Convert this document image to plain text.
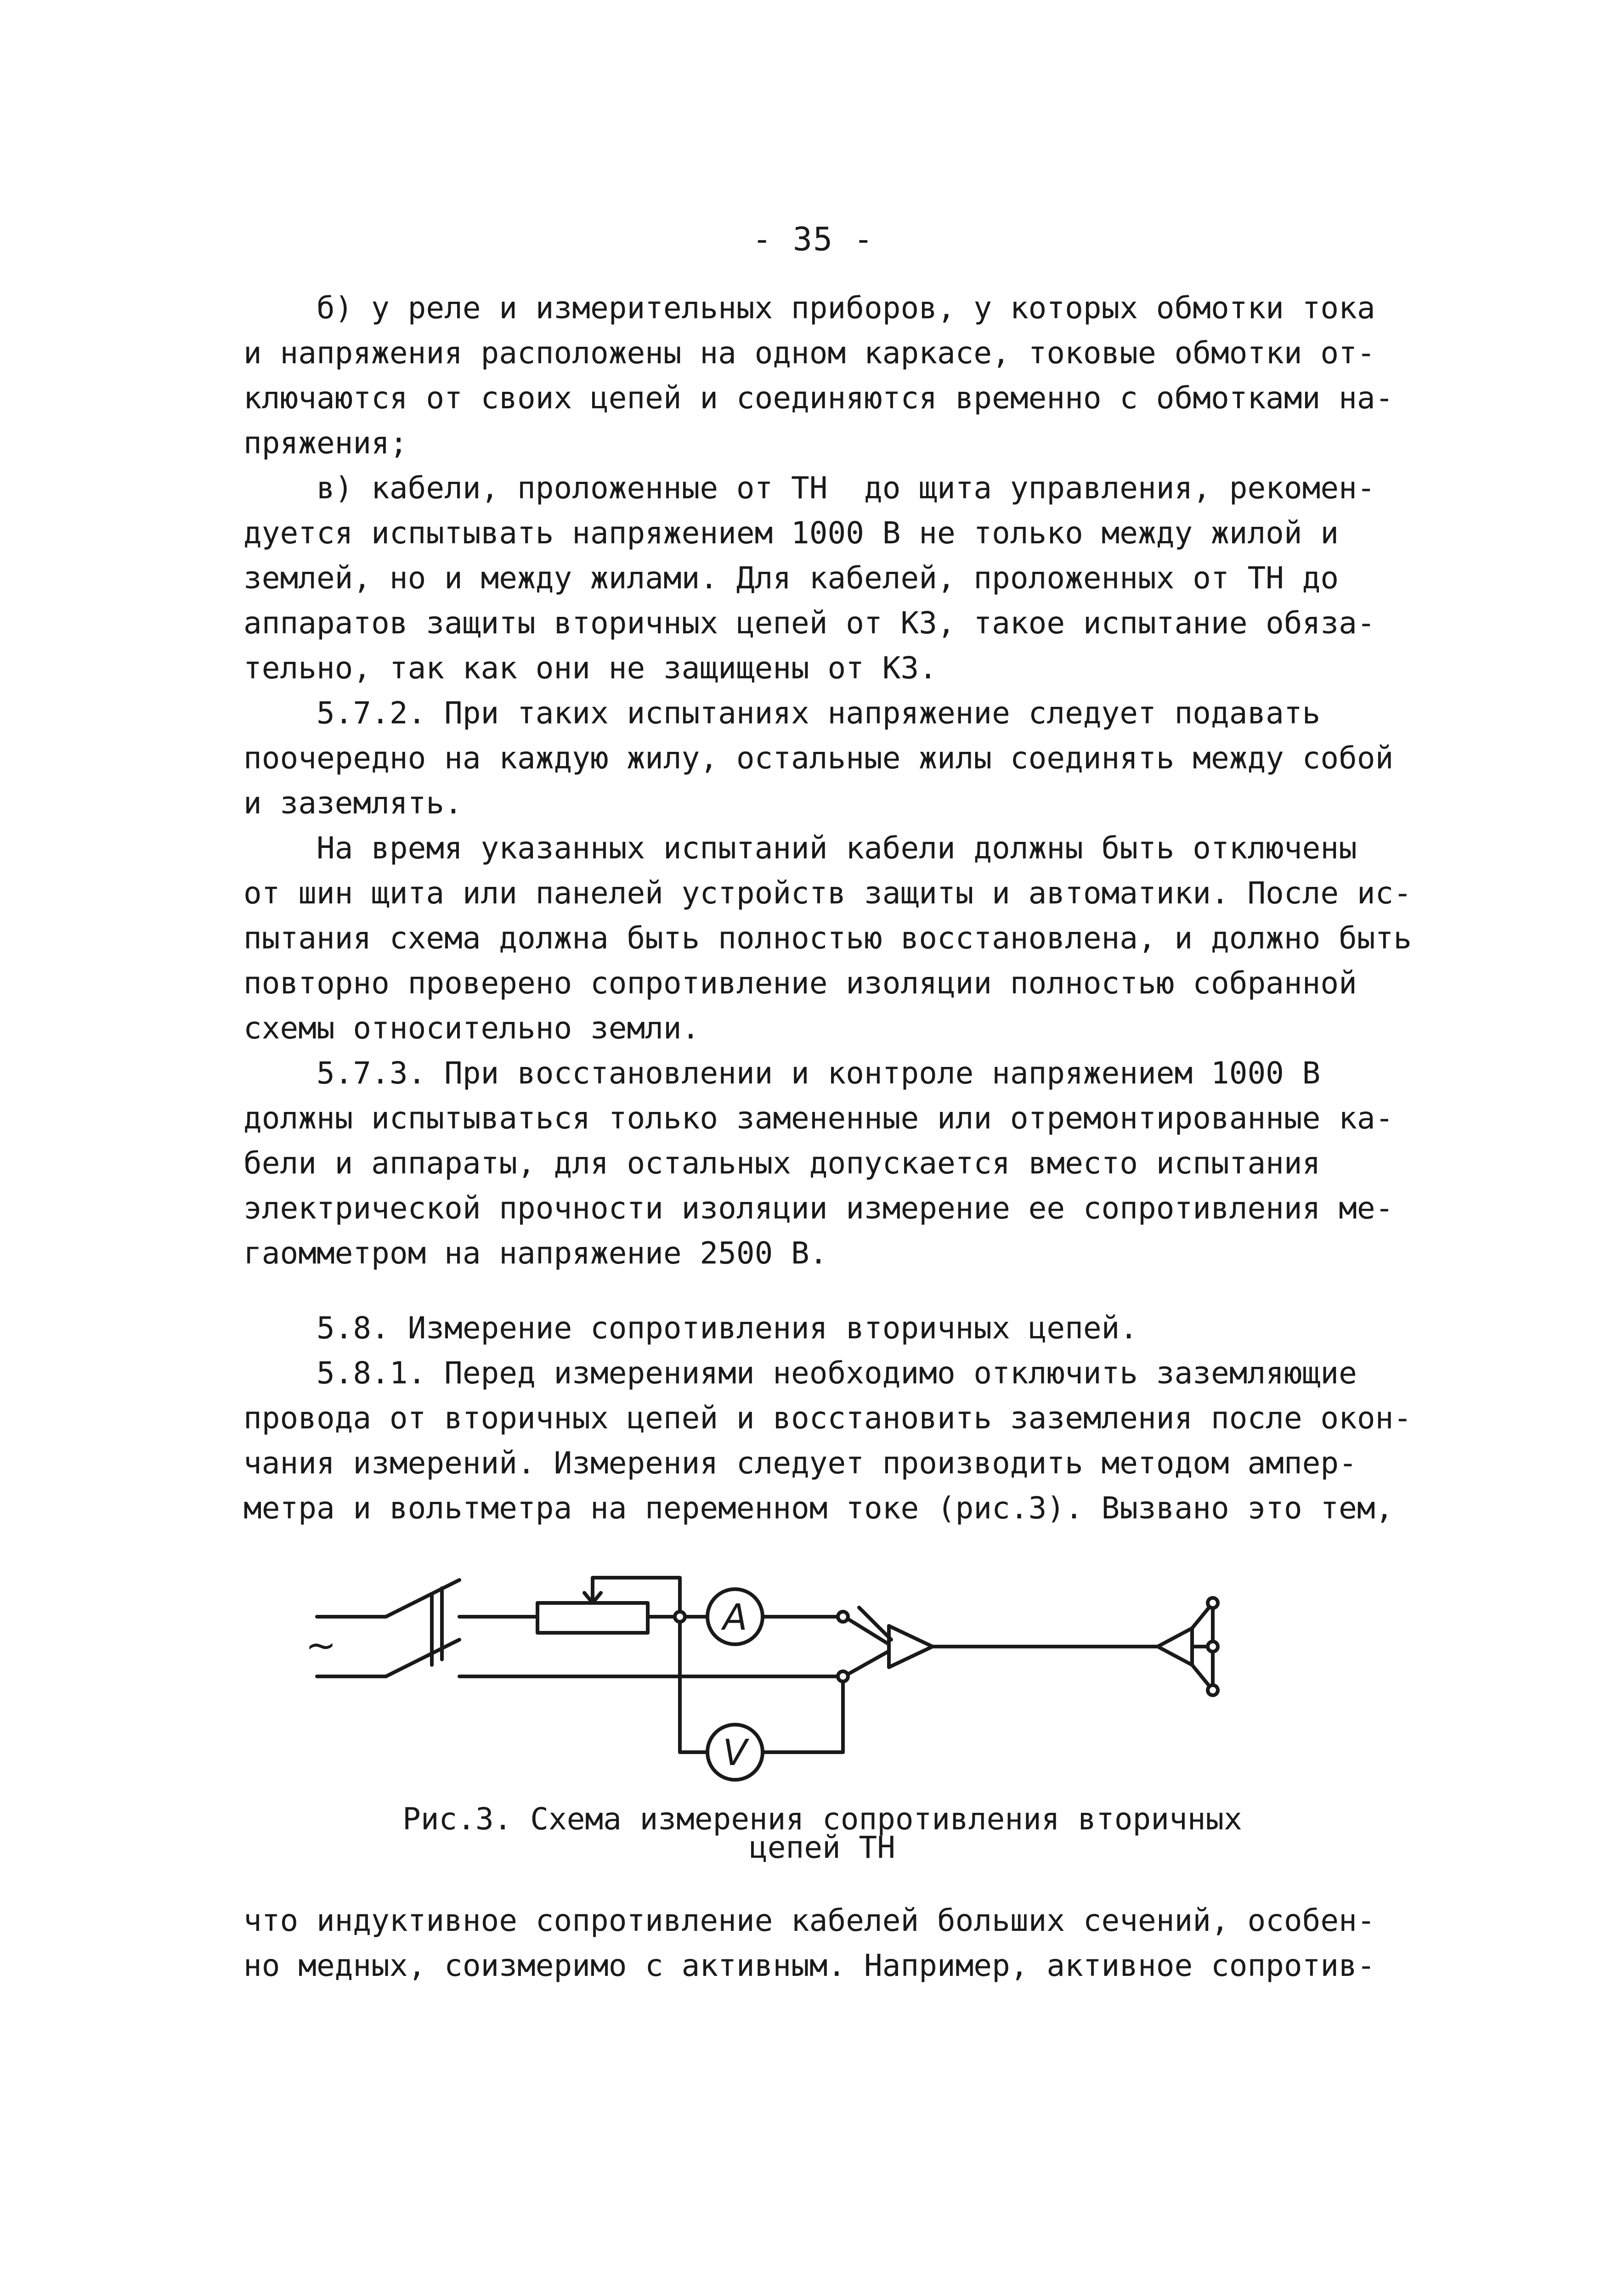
- 35 -
б) у реле и измерительных приборов, у которых обмотки тока
и напряжения расположены на одном каркасе, токовые обмотки от-
ключаются от своих цепей и соединяются временно с обмотками на-
пряжения;
в) кабели, проложенные от ТН  до щита управления, рекомен-
дуется испытывать напряжением 1000 В не только между жилой и
землей, но и между жилами. Для кабелей, проложенных от ТН до
аппаратов защиты вторичных цепей от КЗ, такое испытание обяза-
тельно, так как они не защищены от КЗ.
5.7.2. При таких испытаниях напряжение следует подавать
поочередно на каждую жилу, остальные жилы соединять между собой
и заземлять.
На время указанных испытаний кабели должны быть отключены
от шин щита или панелей устройств защиты и автоматики. После ис-
пытания схема должна быть полностью восстановлена, и должно быть
повторно проверено сопротивление изоляции полностью собранной
схемы относительно земли.
5.7.3. При восстановлении и контроле напряжением 1000 В
должны испытываться только замененные или отремонтированные ка-
бели и аппараты, для остальных допускается вместо испытания
электрической прочности изоляции измерение ее сопротивления ме-
гаомметром на напряжение 2500 В.
5.8. Измерение сопротивления вторичных цепей.
5.8.1. Перед измерениями необходимо отключить заземляющие
провода от вторичных цепей и восстановить заземления после окон-
чания измерений. Измерения следует производить методом ампер-
метра и вольтметра на переменном токе (рис.3). Вызвано это тем,
~
A
V
Рис.3. Схема измерения сопротивления вторичных
цепей ТН
что индуктивное сопротивление кабелей больших сечений, особен-
но медных, соизмеримо с активным. Например, активное сопротив-
